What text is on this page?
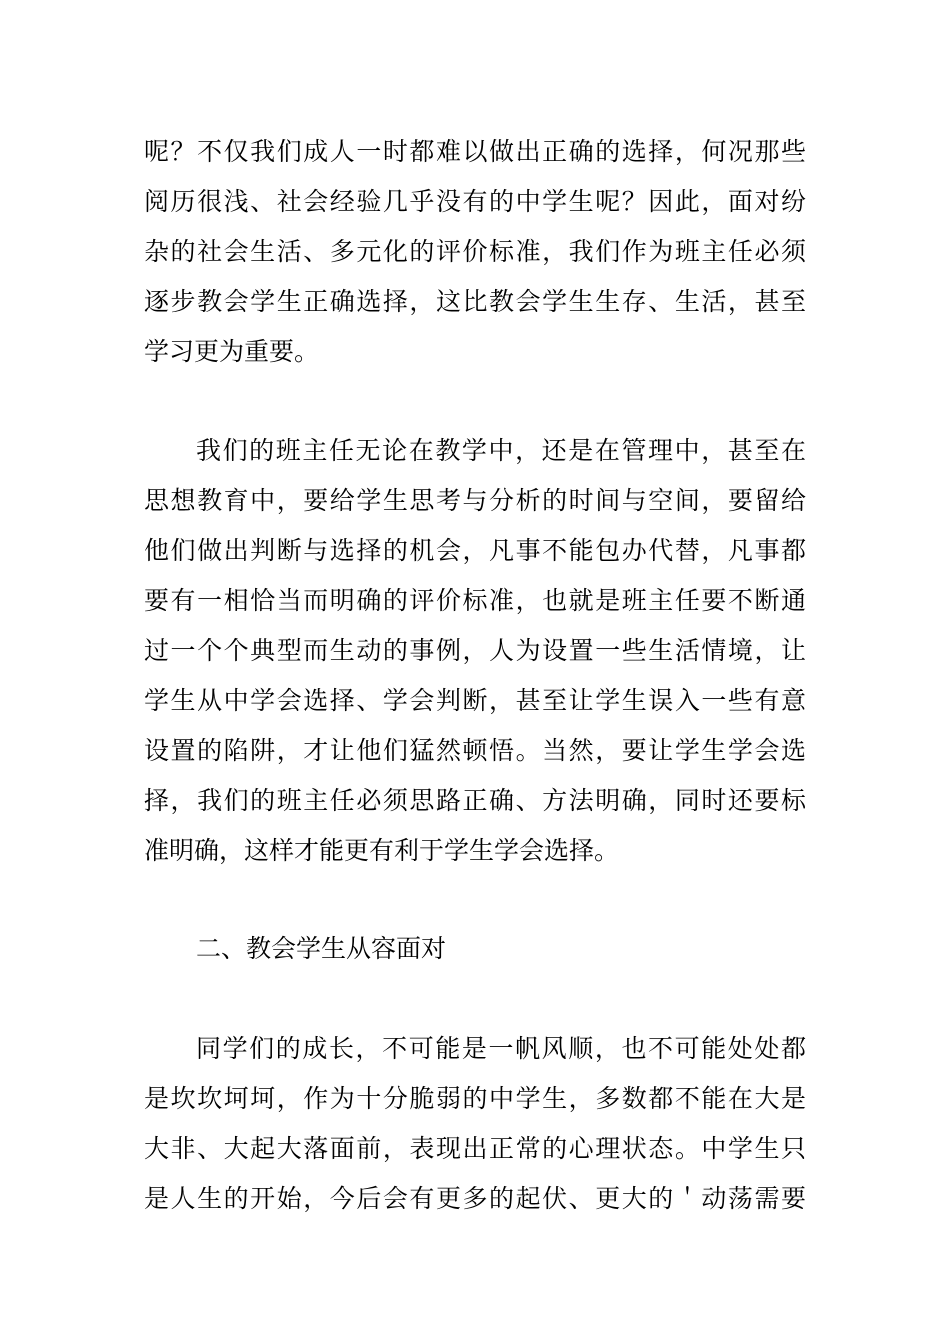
呢？不仅我们成人一时都难以做出正确的选择，何况那些
阅历很浅、社会经验几乎没有的中学生呢？因此，面对纷
杂的社会生活、多元化的评价标准，我们作为班主任必须
逐步教会学生正确选择，这比教会学生生存、生活，甚至
学习更为重要。
我们的班主任无论在教学中，还是在管理中，甚至在
思想教育中，要给学生思考与分析的时间与空间，要留给
他们做出判断与选择的机会，凡事不能包办代替，凡事都
要有一相恰当而明确的评价标准，也就是班主任要不断通
过一个个典型而生动的事例，人为设置一些生活情境，让
学生从中学会选择、学会判断，甚至让学生误入一些有意
设置的陷阱，才让他们猛然顿悟。当然，要让学生学会选
择，我们的班主任必须思路正确、方法明确，同时还要标
准明确，这样才能更有利于学生学会选择。
二、教会学生从容面对
同学们的成长，不可能是一帆风顺，也不可能处处都
是坎坎坷坷，作为十分脆弱的中学生，多数都不能在大是
大非、大起大落面前，表现出正常的心理状态。中学生只
是人生的开始，今后会有更多的起伏、更大的＇动荡需要
